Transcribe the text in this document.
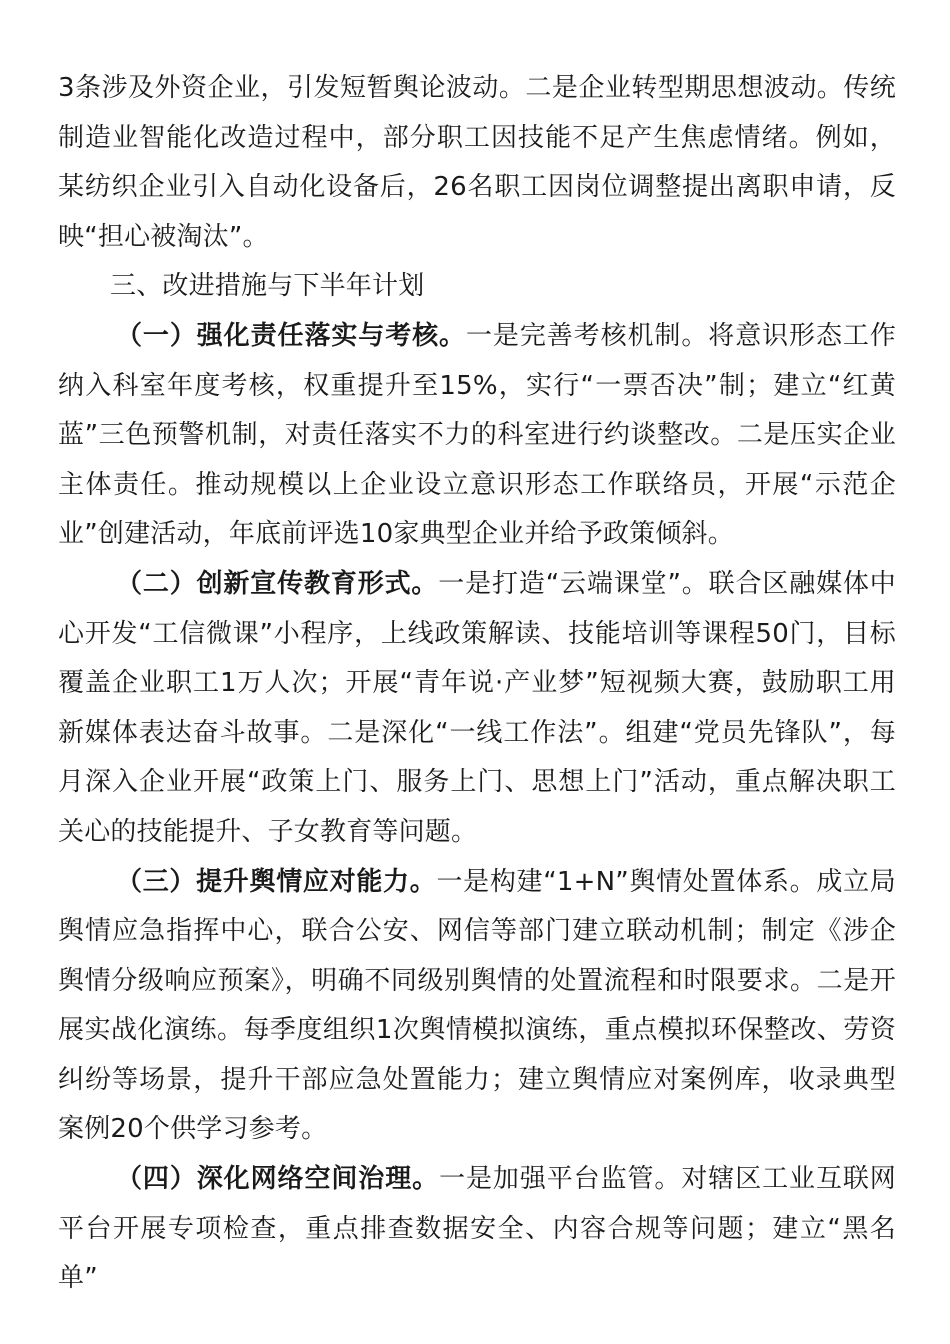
3条涉及外资企业，引发短暂舆论波动。二是企业转型期思想波动。传统制造业智能化改造过程中，部分职工因技能不足产生焦虑情绪。例如，某纺织企业引入自动化设备后，26名职工因岗位调整提出离职申请，反映“担心被淘汰”。

三、改进措施与下半年计划

（一）强化责任落实与考核。一是完善考核机制。将意识形态工作纳入科室年度考核，权重提升至15%，实行“一票否决”制；建立“红黄蓝”三色预警机制，对责任落实不力的科室进行约谈整改。二是压实企业主体责任。推动规模以上企业设立意识形态工作联络员，开展“示范企业”创建活动，年底前评选10家典型企业并给予政策倾斜。

（二）创新宣传教育形式。一是打造“云端课堂”。联合区融媒体中心开发“工信微课”小程序，上线政策解读、技能培训等课程50门，目标覆盖企业职工1万人次；开展“青年说·产业梦”短视频大赛，鼓励职工用新媒体表达奋斗故事。二是深化“一线工作法”。组建“党员先锋队”，每月深入企业开展“政策上门、服务上门、思想上门”活动，重点解决职工关心的技能提升、子女教育等问题。

（三）提升舆情应对能力。一是构建“1+N”舆情处置体系。成立局舆情应急指挥中心，联合公安、网信等部门建立联动机制；制定《涉企舆情分级响应预案》，明确不同级别舆情的处置流程和时限要求。二是开展实战化演练。每季度组织1次舆情模拟演练，重点模拟环保整改、劳资纠纷等场景，提升干部应急处置能力；建立舆情应对案例库，收录典型案例20个供学习参考。

（四）深化网络空间治理。一是加强平台监管。对辖区工业互联网平台开展专项检查，重点排查数据安全、内容合规等问题；建立“黑名单”
